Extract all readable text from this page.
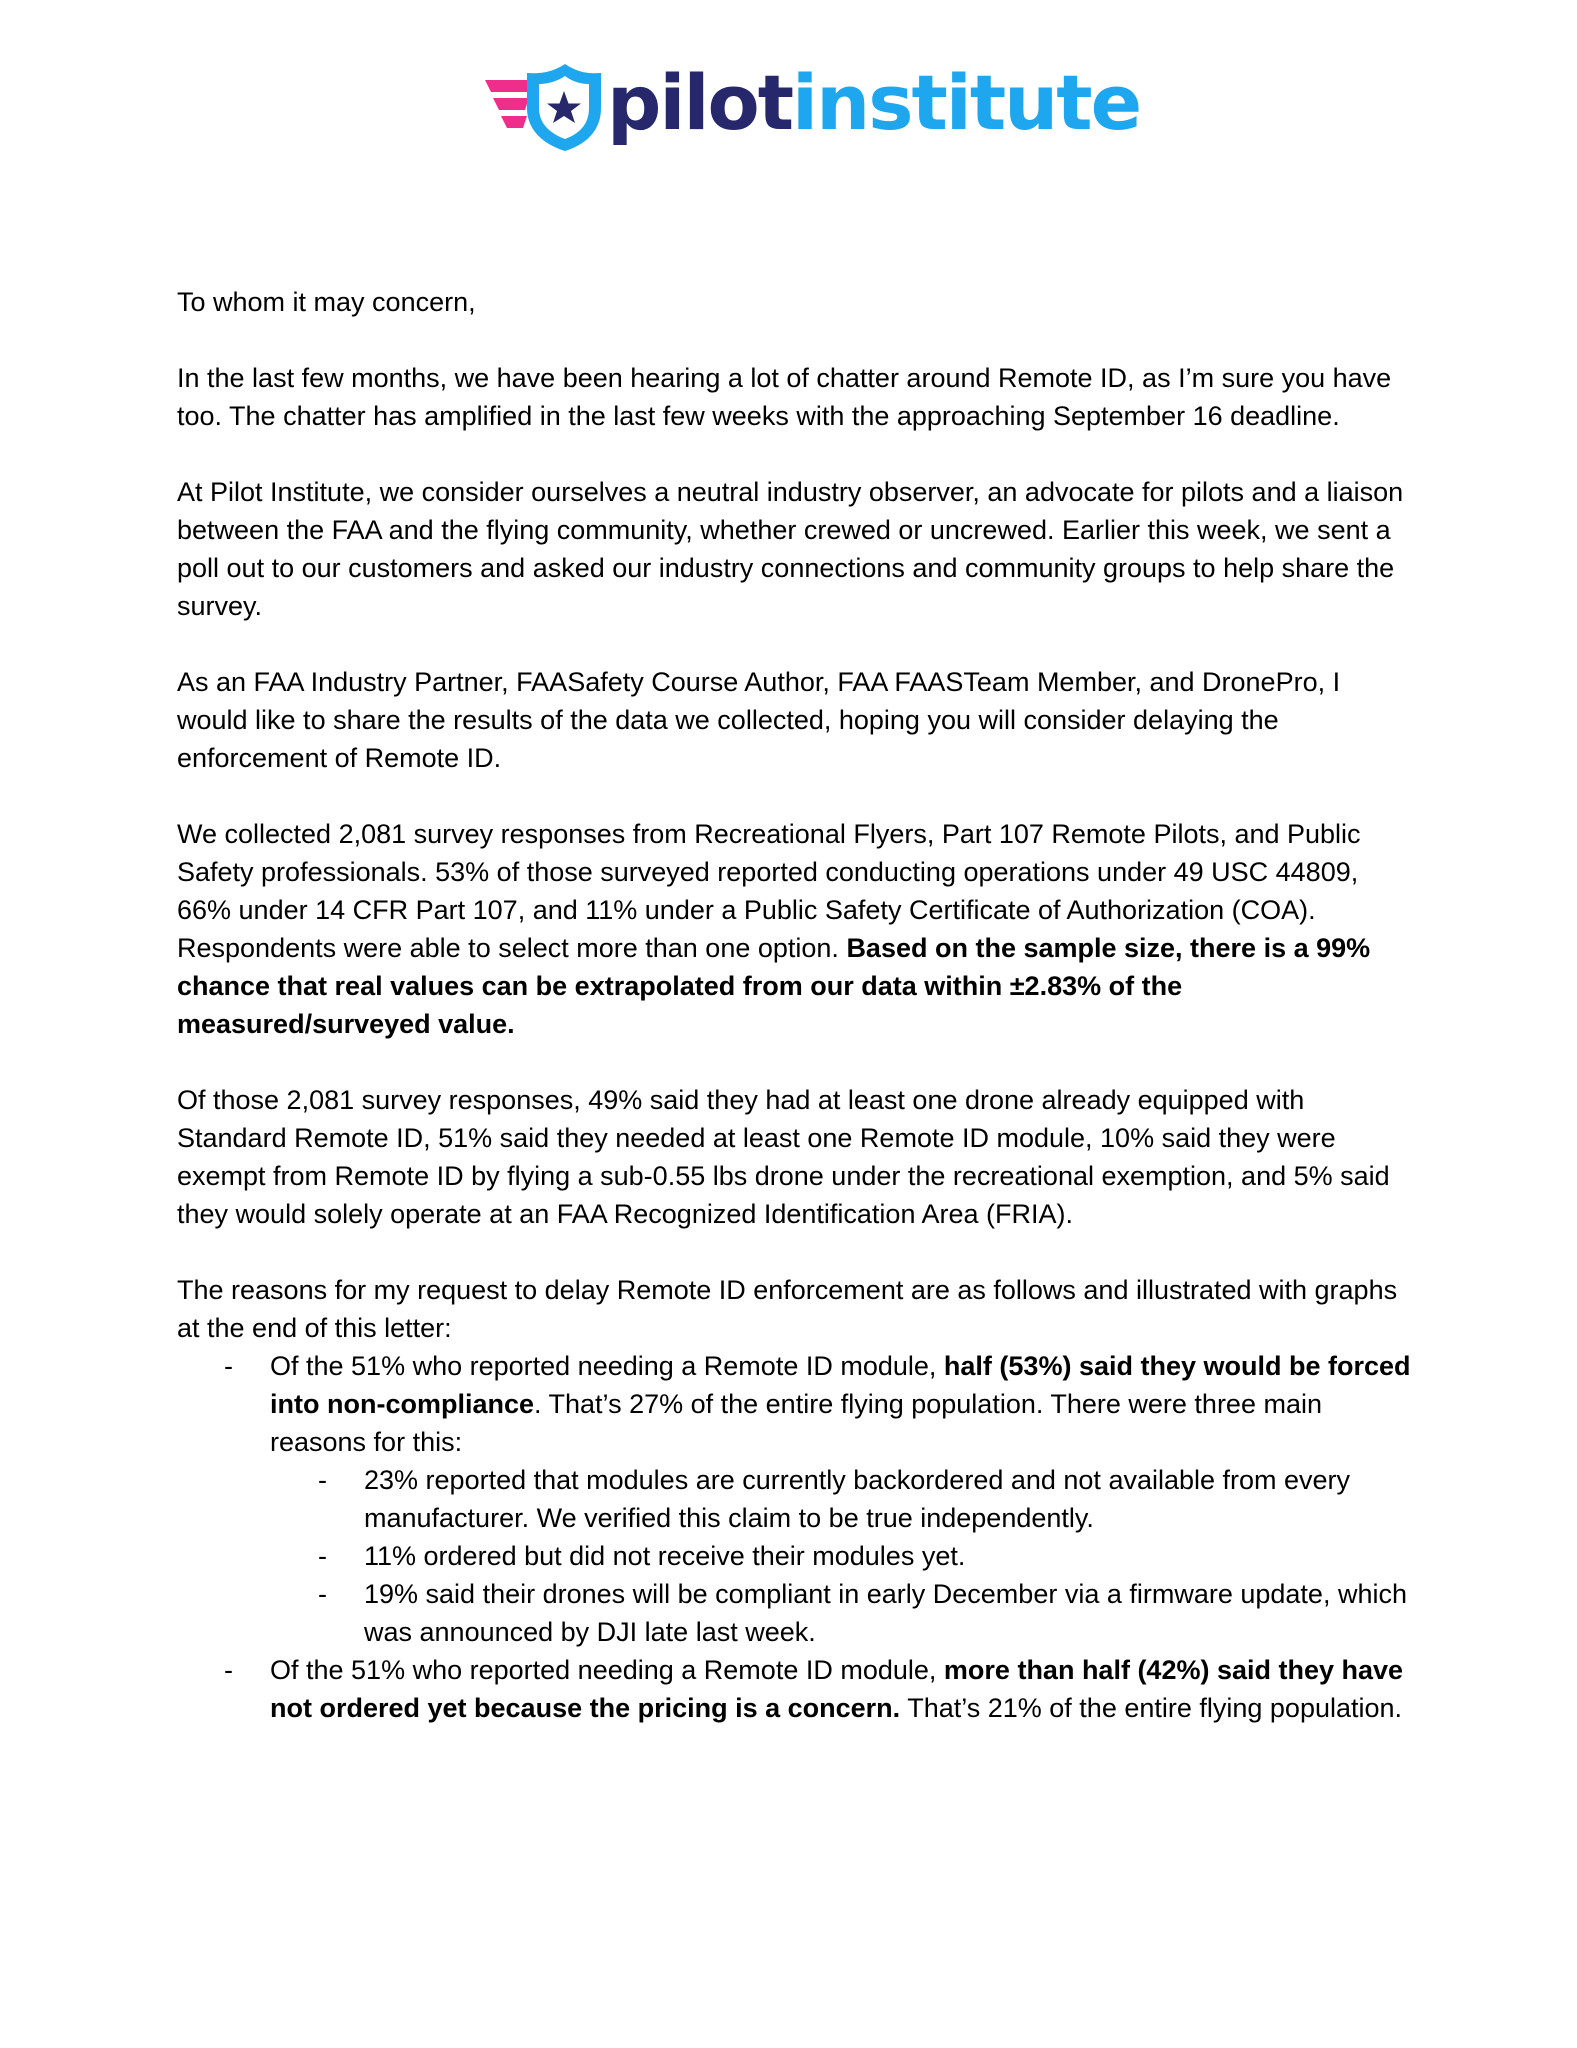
pilotinstitute

To whom it may concern,

In the last few months, we have been hearing a lot of chatter around Remote ID, as I’m sure you have too. The chatter has amplified in the last few weeks with the approaching September 16 deadline.

At Pilot Institute, we consider ourselves a neutral industry observer, an advocate for pilots and a liaison between the FAA and the flying community, whether crewed or uncrewed. Earlier this week, we sent a poll out to our customers and asked our industry connections and community groups to help share the survey.

As an FAA Industry Partner, FAASafety Course Author, FAA FAASTeam Member, and DronePro, I would like to share the results of the data we collected, hoping you will consider delaying the enforcement of Remote ID.

We collected 2,081 survey responses from Recreational Flyers, Part 107 Remote Pilots, and Public Safety professionals. 53% of those surveyed reported conducting operations under 49 USC 44809, 66% under 14 CFR Part 107, and 11% under a Public Safety Certificate of Authorization (COA). Respondents were able to select more than one option. Based on the sample size, there is a 99% chance that real values can be extrapolated from our data within ±2.83% of the measured/surveyed value.

Of those 2,081 survey responses, 49% said they had at least one drone already equipped with Standard Remote ID, 51% said they needed at least one Remote ID module, 10% said they were exempt from Remote ID by flying a sub-0.55 lbs drone under the recreational exemption, and 5% said they would solely operate at an FAA Recognized Identification Area (FRIA).

The reasons for my request to delay Remote ID enforcement are as follows and illustrated with graphs at the end of this letter:

- Of the 51% who reported needing a Remote ID module, half (53%) said they would be forced into non-compliance. That’s 27% of the entire flying population. There were three main reasons for this:
- 23% reported that modules are currently backordered and not available from every manufacturer. We verified this claim to be true independently.
- 11% ordered but did not receive their modules yet.
- 19% said their drones will be compliant in early December via a firmware update, which was announced by DJI late last week.
- Of the 51% who reported needing a Remote ID module, more than half (42%) said they have not ordered yet because the pricing is a concern. That’s 21% of the entire flying population.
